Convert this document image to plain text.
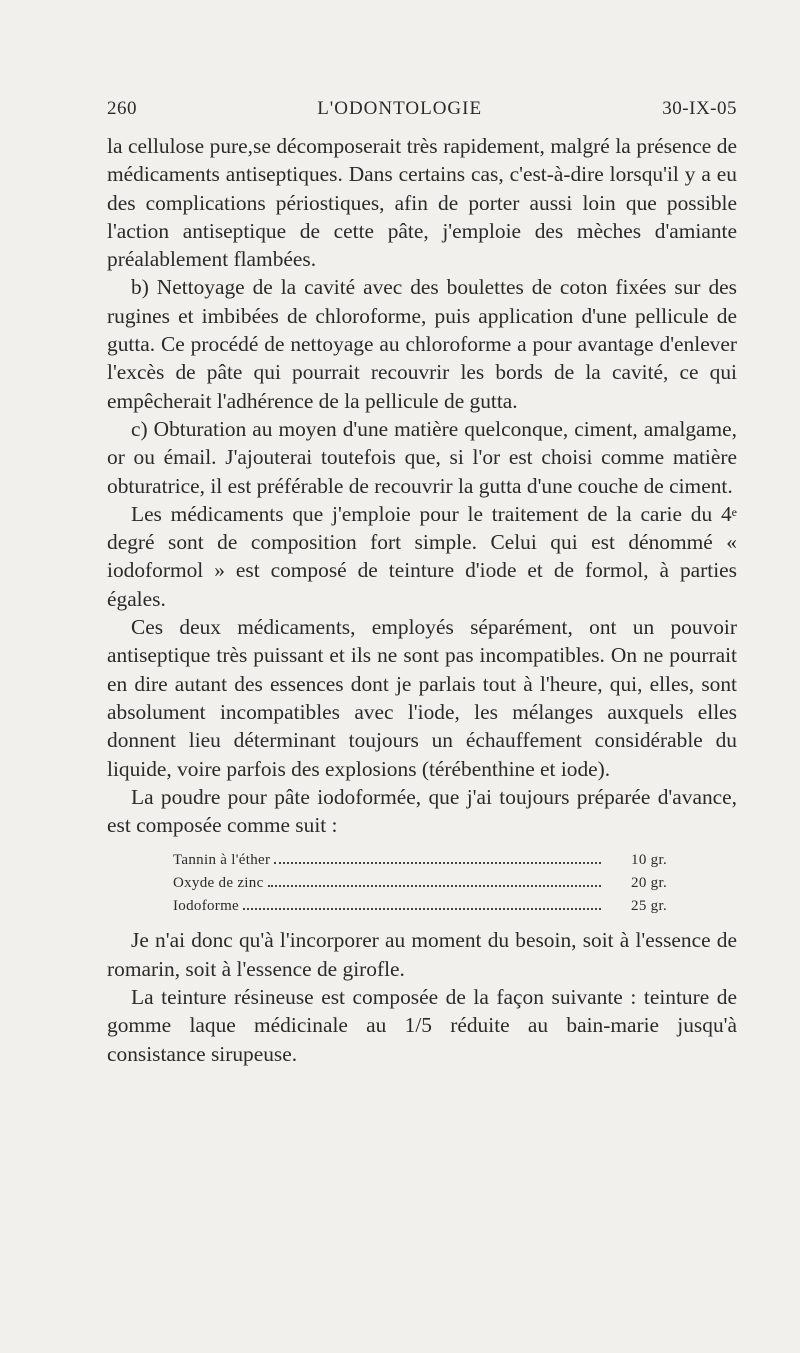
260	L'ODONTOLOGIE	30-IX-05

la cellulose pure,se décomposerait très rapidement, malgré la présence de médicaments antiseptiques. Dans certains cas, c'est-à-dire lorsqu'il y a eu des complications périostiques, afin de porter aussi loin que possible l'action antiseptique de cette pâte, j'emploie des mèches d'amiante préalablement flambées.

b) Nettoyage de la cavité avec des boulettes de coton fixées sur des rugines et imbibées de chloroforme, puis application d'une pellicule de gutta. Ce procédé de nettoyage au chloroforme a pour avantage d'enlever l'excès de pâte qui pourrait recouvrir les bords de la cavité, ce qui empêcherait l'adhérence de la pellicule de gutta.

c) Obturation au moyen d'une matière quelconque, ciment, amalgame, or ou émail. J'ajouterai toutefois que, si l'or est choisi comme matière obturatrice, il est préférable de recouvrir la gutta d'une couche de ciment.

Les médicaments que j'emploie pour le traitement de la carie du 4e degré sont de composition fort simple. Celui qui est dénommé « iodoformol » est composé de teinture d'iode et de formol, à parties égales.

Ces deux médicaments, employés séparément, ont un pouvoir antiseptique très puissant et ils ne sont pas incompatibles. On ne pourrait en dire autant des essences dont je parlais tout à l'heure, qui, elles, sont absolument incompatibles avec l'iode, les mélanges auxquels elles donnent lieu déterminant toujours un échauffement considérable du liquide, voire parfois des explosions (térébenthine et iode).

La poudre pour pâte iodoformée, que j'ai toujours préparée d'avance, est composée comme suit :

Tannin à l'éther	10 gr.
Oxyde de zinc	20 gr.
Iodoforme	25 gr.

Je n'ai donc qu'à l'incorporer au moment du besoin, soit à l'essence de romarin, soit à l'essence de girofle.

La teinture résineuse est composée de la façon suivante : teinture de gomme laque médicinale au 1/5 réduite au bain-marie jusqu'à consistance sirupeuse.
